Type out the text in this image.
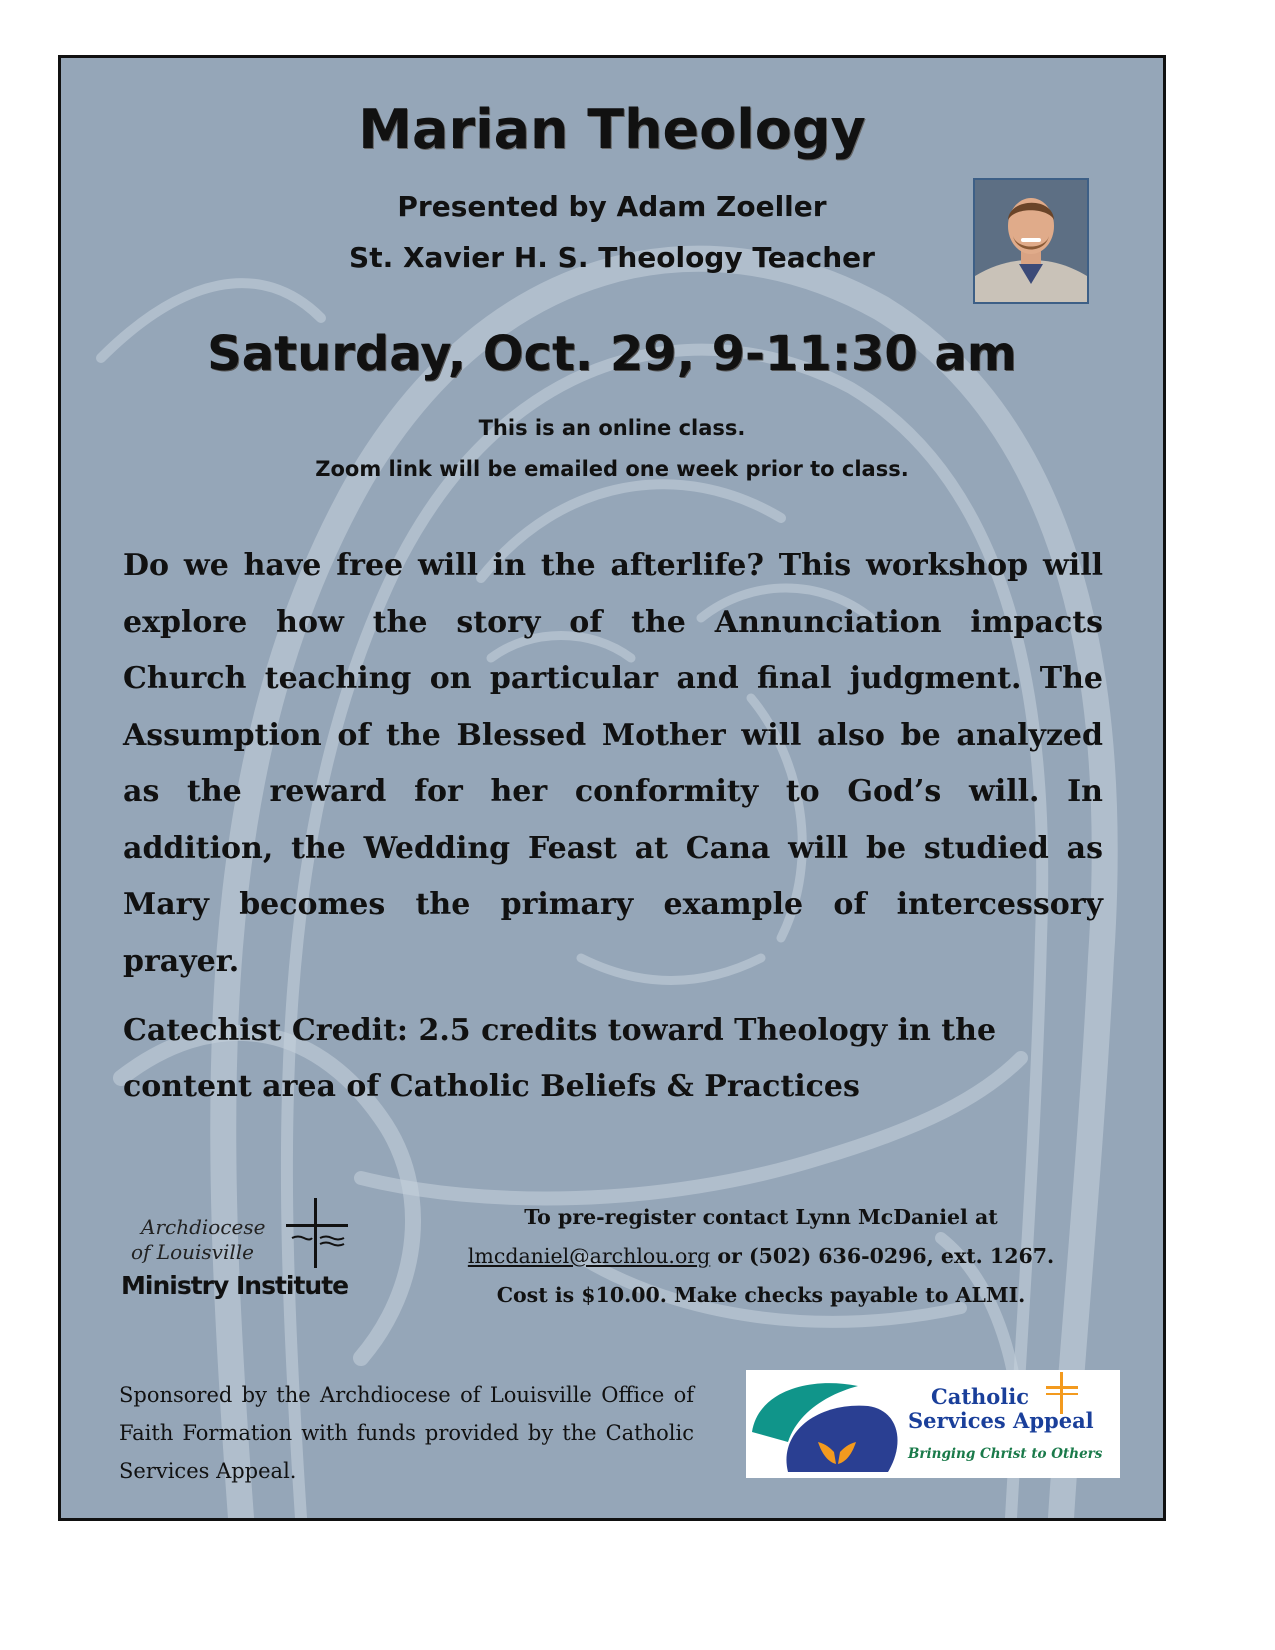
Marian Theology
Presented by Adam Zoeller
St. Xavier H. S. Theology Teacher
Saturday, Oct. 29, 9-11:30 am
This is an online class.
Zoom link will be emailed one week prior to class.
Do we have free will in the afterlife? This workshop will explore how the story of the Annunciation impacts Church teaching on particular and final judgment. The Assumption of the Blessed Mother will also be analyzed as the reward for her conformity to God’s will. In addition, the Wedding Feast at Cana will be studied as Mary becomes the primary example of intercessory prayer.
Catechist Credit: 2.5 credits toward Theology in the
content area of Catholic Beliefs & Practices
Archdiocese
of Louisville
Ministry Institute
To pre-register contact Lynn McDaniel at
lmcdaniel@archlou.org or (502) 636-0296, ext. 1267.
Cost is $10.00. Make checks payable to ALMI.
Sponsored by the Archdiocese of Louisville Office of Faith Formation with funds provided by the Catholic Services Appeal.
Catholic
Services Appeal
Bringing Christ to Others
